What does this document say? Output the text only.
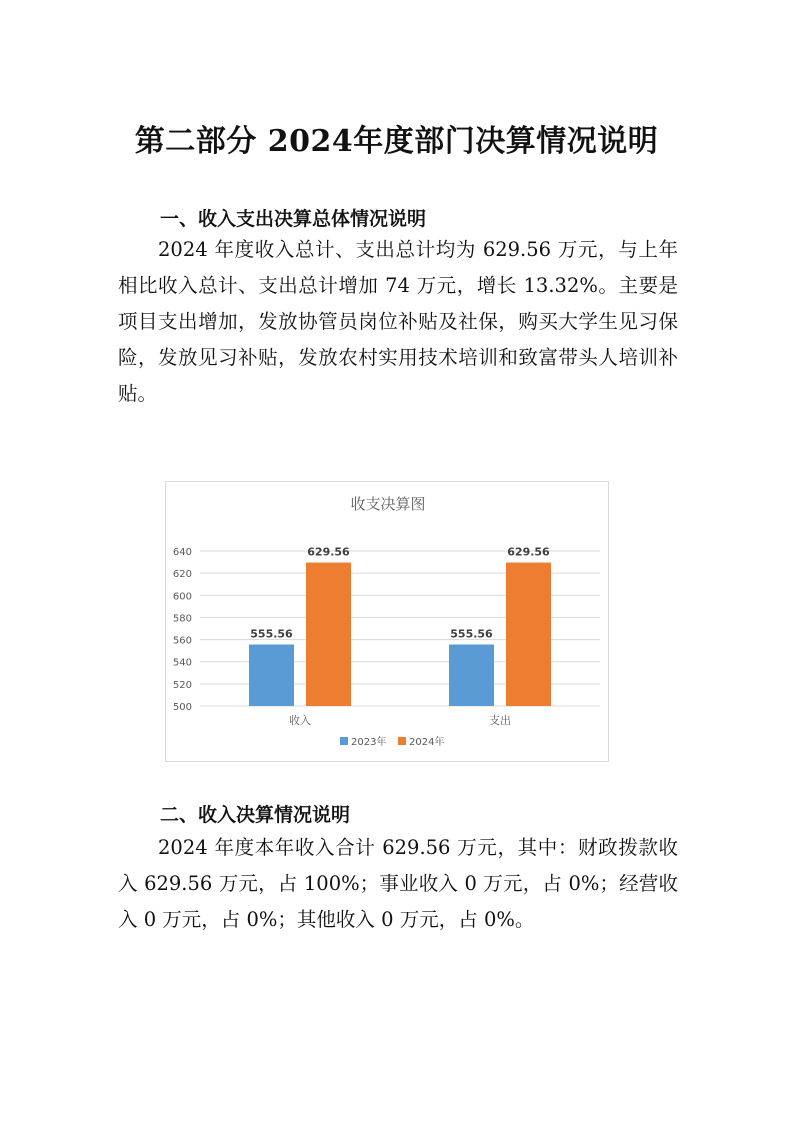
第二部分 2024年度部门决算情况说明
一、收入支出决算总体情况说明

2024 年度收入总计、支出总计均为 629.56 万元，与上年相比收入总计、支出总计增加 74 万元，增长 13.32%。主要是项目支出增加，发放协管员岗位补贴及社保，购买大学生见习保险，发放见习补贴，发放农村实用技术培训和致富带头人培训补贴。

收支决算图
500
520
540
560
580
600
620
640
555.56
629.56
555.56
629.56
收入	支出
2023年 2024年
二、收入决算情况说明

2024 年度本年收入合计 629.56 万元，其中：财政拨款收入 629.56 万元，占 100%；事业收入 0 万元，占 0%；经营收入 0 万元，占 0%；其他收入 0 万元，占 0%。
